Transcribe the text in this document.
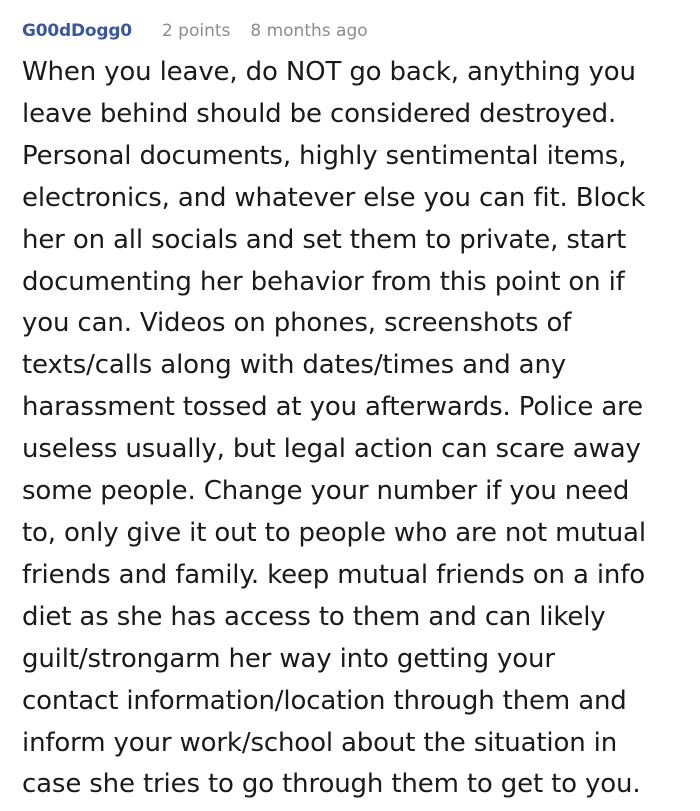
G00dDogg0 2 points 8 months ago
When you leave, do NOT go back, anything you
leave behind should be considered destroyed.
Personal documents, highly sentimental items,
electronics, and whatever else you can fit. Block
her on all socials and set them to private, start
documenting her behavior from this point on if
you can. Videos on phones, screenshots of
texts/calls along with dates/times and any
harassment tossed at you afterwards. Police are
useless usually, but legal action can scare away
some people. Change your number if you need
to, only give it out to people who are not mutual
friends and family. keep mutual friends on a info
diet as she has access to them and can likely
guilt/strongarm her way into getting your
contact information/location through them and
inform your work/school about the situation in
case she tries to go through them to get to you.
